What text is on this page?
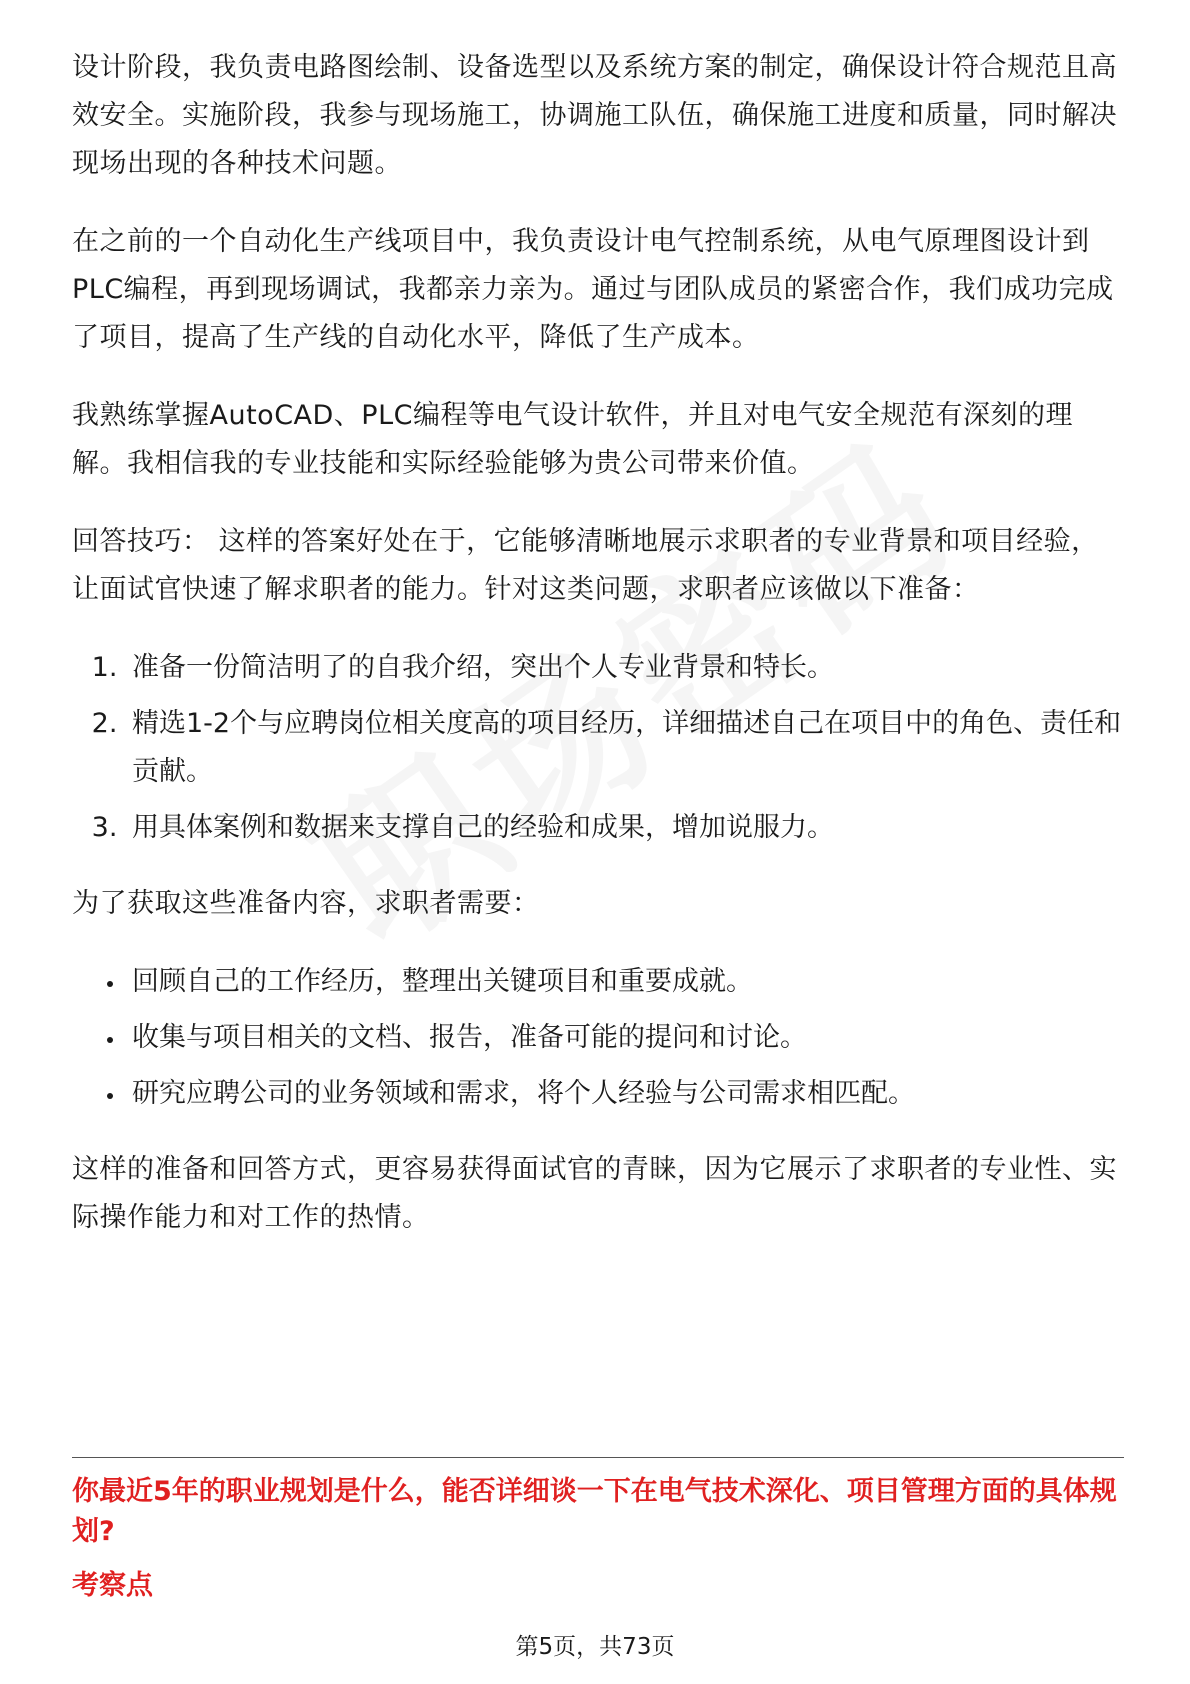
设计阶段，我负责电路图绘制、设备选型以及系统方案的制定，确保设计符合规范且高效安全。实施阶段，我参与现场施工，协调施工队伍，确保施工进度和质量，同时解决现场出现的各种技术问题。

在之前的一个自动化生产线项目中，我负责设计电气控制系统，从电气原理图设计到PLC编程，再到现场调试，我都亲力亲为。通过与团队成员的紧密合作，我们成功完成了项目，提高了生产线的自动化水平，降低了生产成本。

我熟练掌握AutoCAD、PLC编程等电气设计软件，并且对电气安全规范有深刻的理解。我相信我的专业技能和实际经验能够为贵公司带来价值。

回答技巧： 这样的答案好处在于，它能够清晰地展示求职者的专业背景和项目经验，让面试官快速了解求职者的能力。针对这类问题，求职者应该做以下准备：

1. 准备一份简洁明了的自我介绍，突出个人专业背景和特长。
2. 精选1-2个与应聘岗位相关度高的项目经历，详细描述自己在项目中的角色、责任和贡献。
3. 用具体案例和数据来支撑自己的经验和成果，增加说服力。

为了获取这些准备内容，求职者需要：

• 回顾自己的工作经历，整理出关键项目和重要成就。
• 收集与项目相关的文档、报告，准备可能的提问和讨论。
• 研究应聘公司的业务领域和需求，将个人经验与公司需求相匹配。

这样的准备和回答方式，更容易获得面试官的青睐，因为它展示了求职者的专业性、实际操作能力和对工作的热情。

你最近5年的职业规划是什么，能否详细谈一下在电气技术深化、项目管理方面的具体规划?
考察点
第5页，共73页
